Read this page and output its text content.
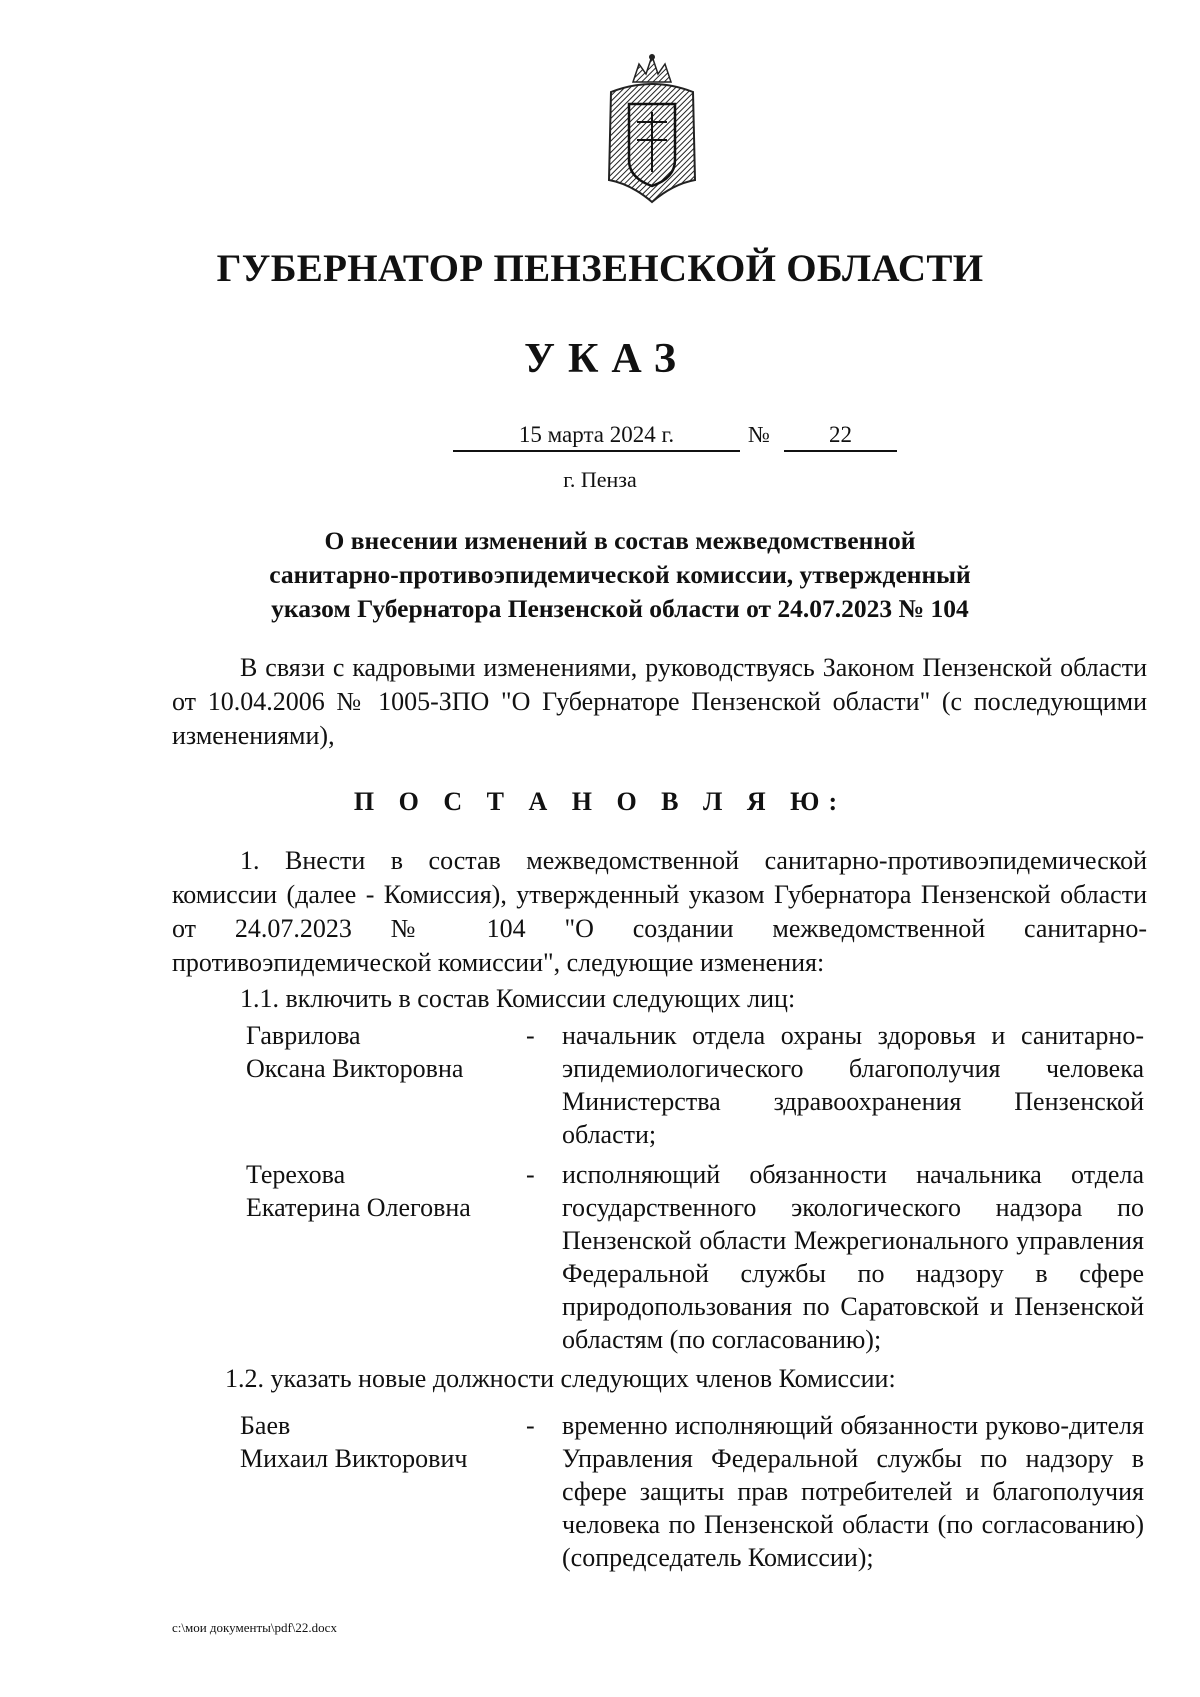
ГУБЕРНАТОР ПЕНЗЕНСКОЙ ОБЛАСТИ
УКАЗ
15 марта 2024 г.	№	22
г. Пенза
О внесении изменений в состав межведомственной
санитарно-противоэпидемической комиссии, утвержденный
указом Губернатора Пензенской области от 24.07.2023 № 104
В связи с кадровыми изменениями, руководствуясь Законом Пензенской области от 10.04.2006 № 1005-ЗПО "О Губернаторе Пензенской области" (с последующими изменениями),
П О С Т А Н О В Л Я Ю:
1. Внести в состав межведомственной санитарно-противоэпидемической комиссии (далее - Комиссия), утвержденный указом Губернатора Пензенской области от 24.07.2023 № 104 "О создании межведомственной санитарно-противоэпидемической комиссии", следующие изменения:
1.1. включить в состав Комиссии следующих лиц:
Гаврилова
Оксана Викторовна
- начальник отдела охраны здоровья и санитарно-эпидемиологического благополучия человека Министерства здравоохранения Пензенской области;
Терехова
Екатерина Олеговна
- исполняющий обязанности начальника отдела государственного экологического надзора по Пензенской области Межрегионального управления Федеральной службы по надзору в сфере природопользования по Саратовской и Пензенской областям (по согласованию);
1.2. указать новые должности следующих членов Комиссии:
Баев
Михаил Викторович
- временно исполняющий обязанности руково-дителя Управления Федеральной службы по надзору в сфере защиты прав потребителей и благополучия человека по Пензенской области (по согласованию) (сопредседатель Комиссии);
c:\мои документы\pdf\22.docx
